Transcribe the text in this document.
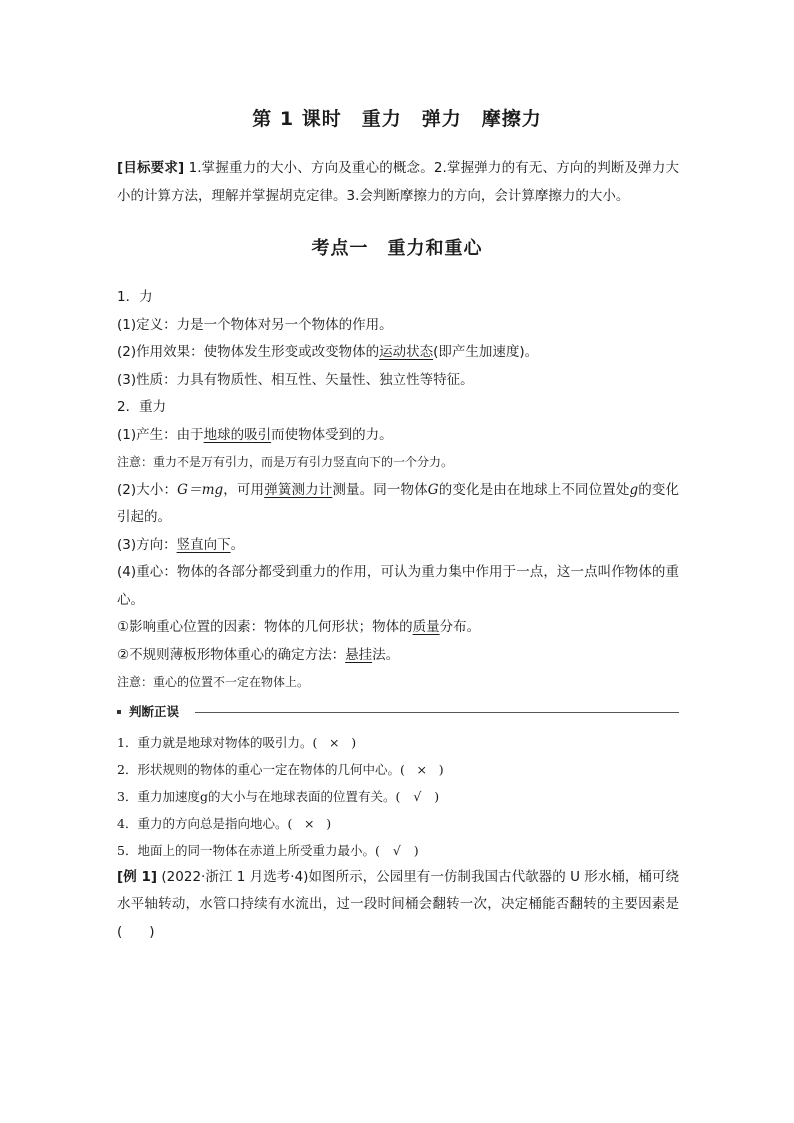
第 1 课时　重力　弹力　摩擦力
[目标要求] 1.掌握重力的大小、方向及重心的概念。2.掌握弹力的有无、方向的判断及弹力大小的计算方法，理解并掌握胡克定律。3.会判断摩擦力的方向，会计算摩擦力的大小。
考点一　重力和重心
1．力
(1)定义：力是一个物体对另一个物体的作用。
(2)作用效果：使物体发生形变或改变物体的运动状态(即产生加速度)。
(3)性质：力具有物质性、相互性、矢量性、独立性等特征。
2．重力
(1)产生：由于地球的吸引而使物体受到的力。
注意：重力不是万有引力，而是万有引力竖直向下的一个分力。
(2)大小：G＝mg，可用弹簧测力计测量。同一物体G的变化是由在地球上不同位置处g的变化引起的。
(3)方向：竖直向下。
(4)重心：物体的各部分都受到重力的作用，可认为重力集中作用于一点，这一点叫作物体的重心。
①影响重心位置的因素：物体的几何形状；物体的质量分布。
②不规则薄板形物体重心的确定方法：悬挂法。
注意：重心的位置不一定在物体上。
判断正误
1．重力就是地球对物体的吸引力。( × )
2．形状规则的物体的重心一定在物体的几何中心。( × )
3．重力加速度g的大小与在地球表面的位置有关。( √ )
4．重力的方向总是指向地心。( × )
5．地面上的同一物体在赤道上所受重力最小。( √ )
[例 1] (2022·浙江 1 月选考·4)如图所示，公园里有一仿制我国古代欹器的 U 形水桶，桶可绕水平轴转动，水管口持续有水流出，过一段时间桶会翻转一次，决定桶能否翻转的主要因素是(　　)
